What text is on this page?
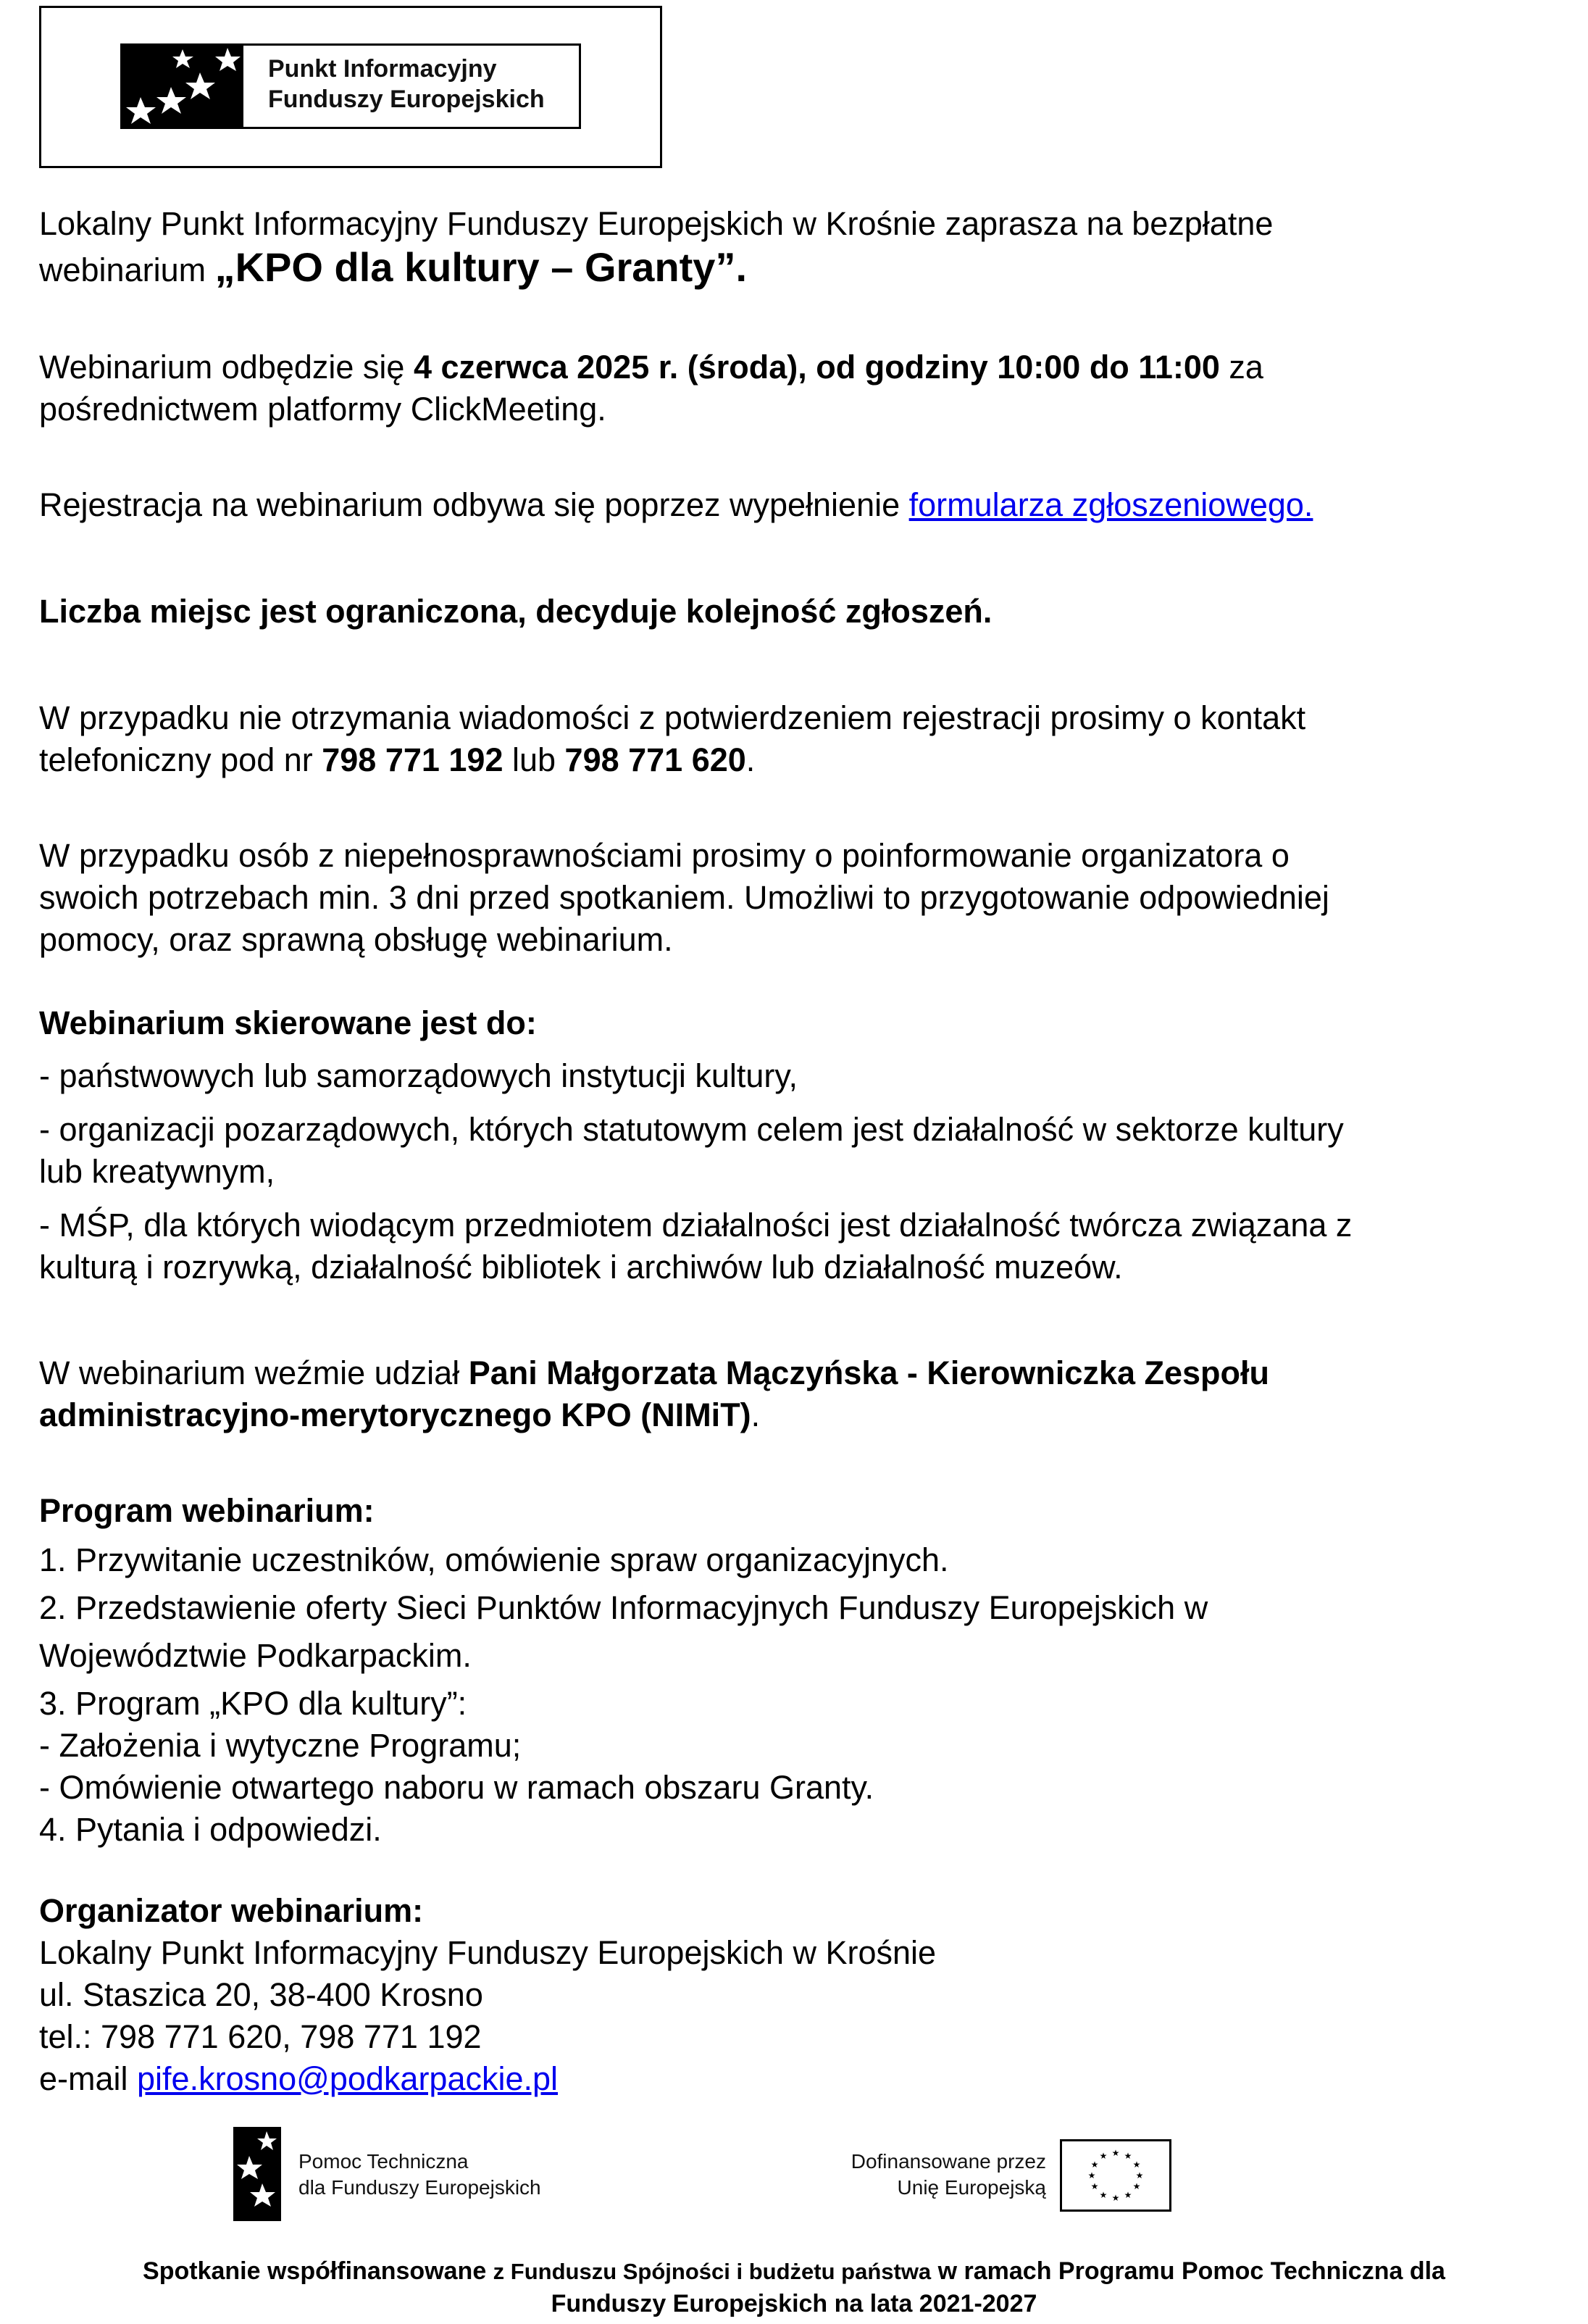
Punkt Informacyjny
Funduszy Europejskich
Lokalny Punkt Informacyjny Funduszy Europejskich w Krośnie zaprasza na bezpłatne
webinarium „KPO dla kultury – Granty”.
Webinarium odbędzie się 4 czerwca 2025 r. (środa), od godziny 10:00 do 11:00 za
pośrednictwem platformy ClickMeeting.
Rejestracja na webinarium odbywa się poprzez wypełnienie formularza zgłoszeniowego.
Liczba miejsc jest ograniczona, decyduje kolejność zgłoszeń.
W przypadku nie otrzymania wiadomości z potwierdzeniem rejestracji prosimy o kontakt
telefoniczny pod nr 798 771 192 lub 798 771 620.
W przypadku osób z niepełnosprawnościami prosimy o poinformowanie organizatora o
swoich potrzebach min. 3 dni przed spotkaniem. Umożliwi to przygotowanie odpowiedniej
pomocy, oraz sprawną obsługę webinarium.
Webinarium skierowane jest do:
- państwowych lub samorządowych instytucji kultury,
- organizacji pozarządowych, których statutowym celem jest działalność w sektorze kultury
lub kreatywnym,
- MŚP, dla których wiodącym przedmiotem działalności jest działalność twórcza związana z
kulturą i rozrywką, działalność bibliotek i archiwów lub działalność muzeów.
W webinarium weźmie udział Pani Małgorzata Mączyńska - Kierowniczka Zespołu
administracyjno-merytorycznego KPO (NIMiT).
Program webinarium:
1. Przywitanie uczestników, omówienie spraw organizacyjnych.
2. Przedstawienie oferty Sieci Punktów Informacyjnych Funduszy Europejskich w
Województwie Podkarpackim.
3. Program „KPO dla kultury”:
- Założenia i wytyczne Programu;
- Omówienie otwartego naboru w ramach obszaru Granty.
4. Pytania i odpowiedzi.
Organizator webinarium:
Lokalny Punkt Informacyjny Funduszy Europejskich w Krośnie
ul. Staszica 20, 38-400 Krosno
tel.: 798 771 620, 798 771 192
e-mail pife.krosno@podkarpackie.pl
Pomoc Techniczna
dla Funduszy Europejskich
Dofinansowane przez
Unię Europejską
★ ★
★
★
★
★
★
★
★
★
★
★
Spotkanie współfinansowane z Funduszu Spójności i budżetu państwa w ramach Programu Pomoc Techniczna dla
Funduszy Europejskich na lata 2021-2027
